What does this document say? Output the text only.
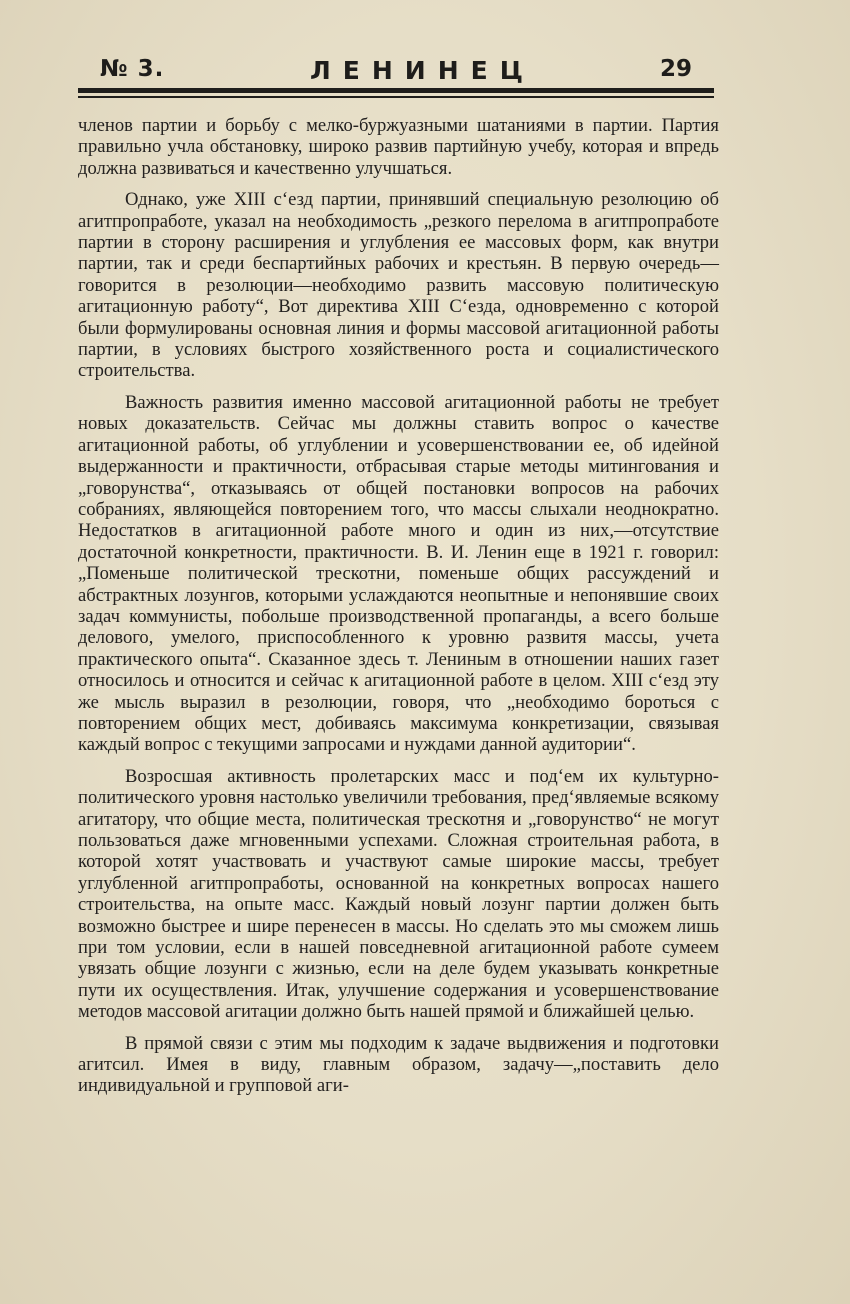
№ 3.	ЛЕНИНЕЦ	29

членов партии и борьбу с мелко-буржуазными шатаниями в партии. Партия правильно учла обстановку, широко развив партийную учебу, которая и впредь должна развиваться и качественно улучшаться.

Однако, уже XIII с‘езд партии, принявший специальную резолюцию об агитпропработе, указал на необходимость „резкого перелома в агитпропработе партии в сторону расширения и углубления ее массовых форм, как внутри партии, так и среди беспартийных рабочих и крестьян. В первую очередь—говорится в резолюции—необходимо развить массовую политическую агитационную работу“, Вот директива XIII С‘езда, одновременно с которой были формулированы основная линия и формы массовой агитационной работы партии, в условиях быстрого хозяйственного роста и социалистического строительства.

Важность развития именно массовой агитационной работы не требует новых доказательств. Сейчас мы должны ставить вопрос о качестве агитационной работы, об углублении и усовершенствовании ее, об идейной выдержанности и практичности, отбрасывая старые методы митингования и „говорунства“, отказываясь от общей постановки вопросов на рабочих собраниях, являющейся повторением того, что массы слыхали неоднократно. Недостатков в агитационной работе много и один из них,—отсутствие достаточной конкретности, практичности. В. И. Ленин еще в 1921 г. говорил: „Поменьше политической трескотни, поменьше общих рассуждений и абстрактных лозунгов, которыми услаждаются неопытные и непонявшие своих задач коммунисты, побольше производственной пропаганды, а всего больше делового, умелого, приспособленного к уровню развитя массы, учета практического опыта“. Сказанное здесь т. Лениным в отношении наших газет относилось и относится и сейчас к агитационной работе в целом. XIII с‘езд эту же мысль выразил в резолюции, говоря, что „необходимо бороться с повторением общих мест, добиваясь максимума конкретизации, связывая каждый вопрос с текущими запросами и нуждами данной аудитории“.

Возросшая активность пролетарских масс и под‘ем их культурно-политического уровня настолько увеличили требования, пред‘являемые всякому агитатору, что общие места, политическая трескотня и „говорунство“ не могут пользоваться даже мгновенными успехами. Сложная строительная работа, в которой хотят участвовать и участвуют самые широкие массы, требует углубленной агитпропработы, основанной на конкретных вопросах нашего строительства, на опыте масс. Каждый новый лозунг партии должен быть возможно быстрее и шире перенесен в массы. Но сделать это мы сможем лишь при том условии, если в нашей повседневной агитационной работе сумеем увязать общие лозунги с жизнью, если на деле будем указывать конкретные пути их осуществления. Итак, улучшение содержания и усовершенствование методов массовой агитации должно быть нашей прямой и ближайшей целью.

В прямой связи с этим мы подходим к задаче выдвижения и подготовки агитсил. Имея в виду, главным образом, задачу—„поставить дело индивидуальной и групповой аги-
